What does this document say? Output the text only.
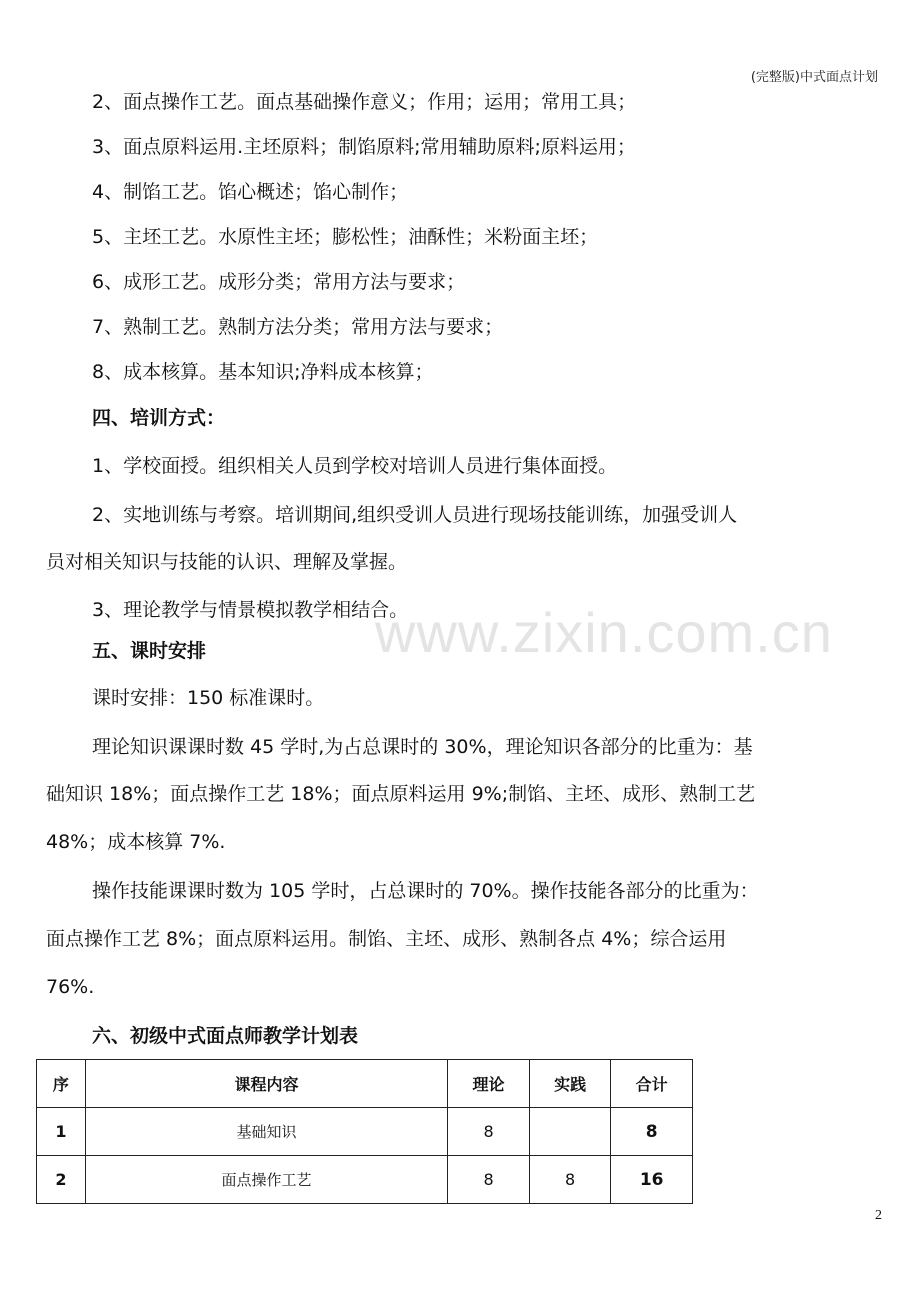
(完整版)中式面点计划
www.zixin.com.cn
2、面点操作工艺。面点基础操作意义；作用；运用；常用工具；
3、面点原料运用.主坯原料；制馅原料;常用辅助原料;原料运用；
4、制馅工艺。馅心概述；馅心制作；
5、主坯工艺。水原性主坯；膨松性；油酥性；米粉面主坯；
6、成形工艺。成形分类；常用方法与要求；
7、熟制工艺。熟制方法分类；常用方法与要求；
8、成本核算。基本知识;净料成本核算；
四、培训方式：
1、学校面授。组织相关人员到学校对培训人员进行集体面授。
2、实地训练与考察。培训期间,组织受训人员进行现场技能训练，加强受训人
员对相关知识与技能的认识、理解及掌握。
3、理论教学与情景模拟教学相结合。
五、课时安排
课时安排：150 标准课时。
理论知识课课时数 45 学时,为占总课时的 30%，理论知识各部分的比重为：基
础知识 18%；面点操作工艺 18%；面点原料运用 9%;制馅、主坯、成形、熟制工艺
48%；成本核算 7%.
操作技能课课时数为 105 学时，占总课时的 70%。操作技能各部分的比重为：
面点操作工艺 8%；面点原料运用。制馅、主坯、成形、熟制各点 4%；综合运用
76%.
六、初级中式面点师教学计划表
序	课程内容	理论	实践	合计
1	基础知识	8		8
2	面点操作工艺	8	8	16
2
